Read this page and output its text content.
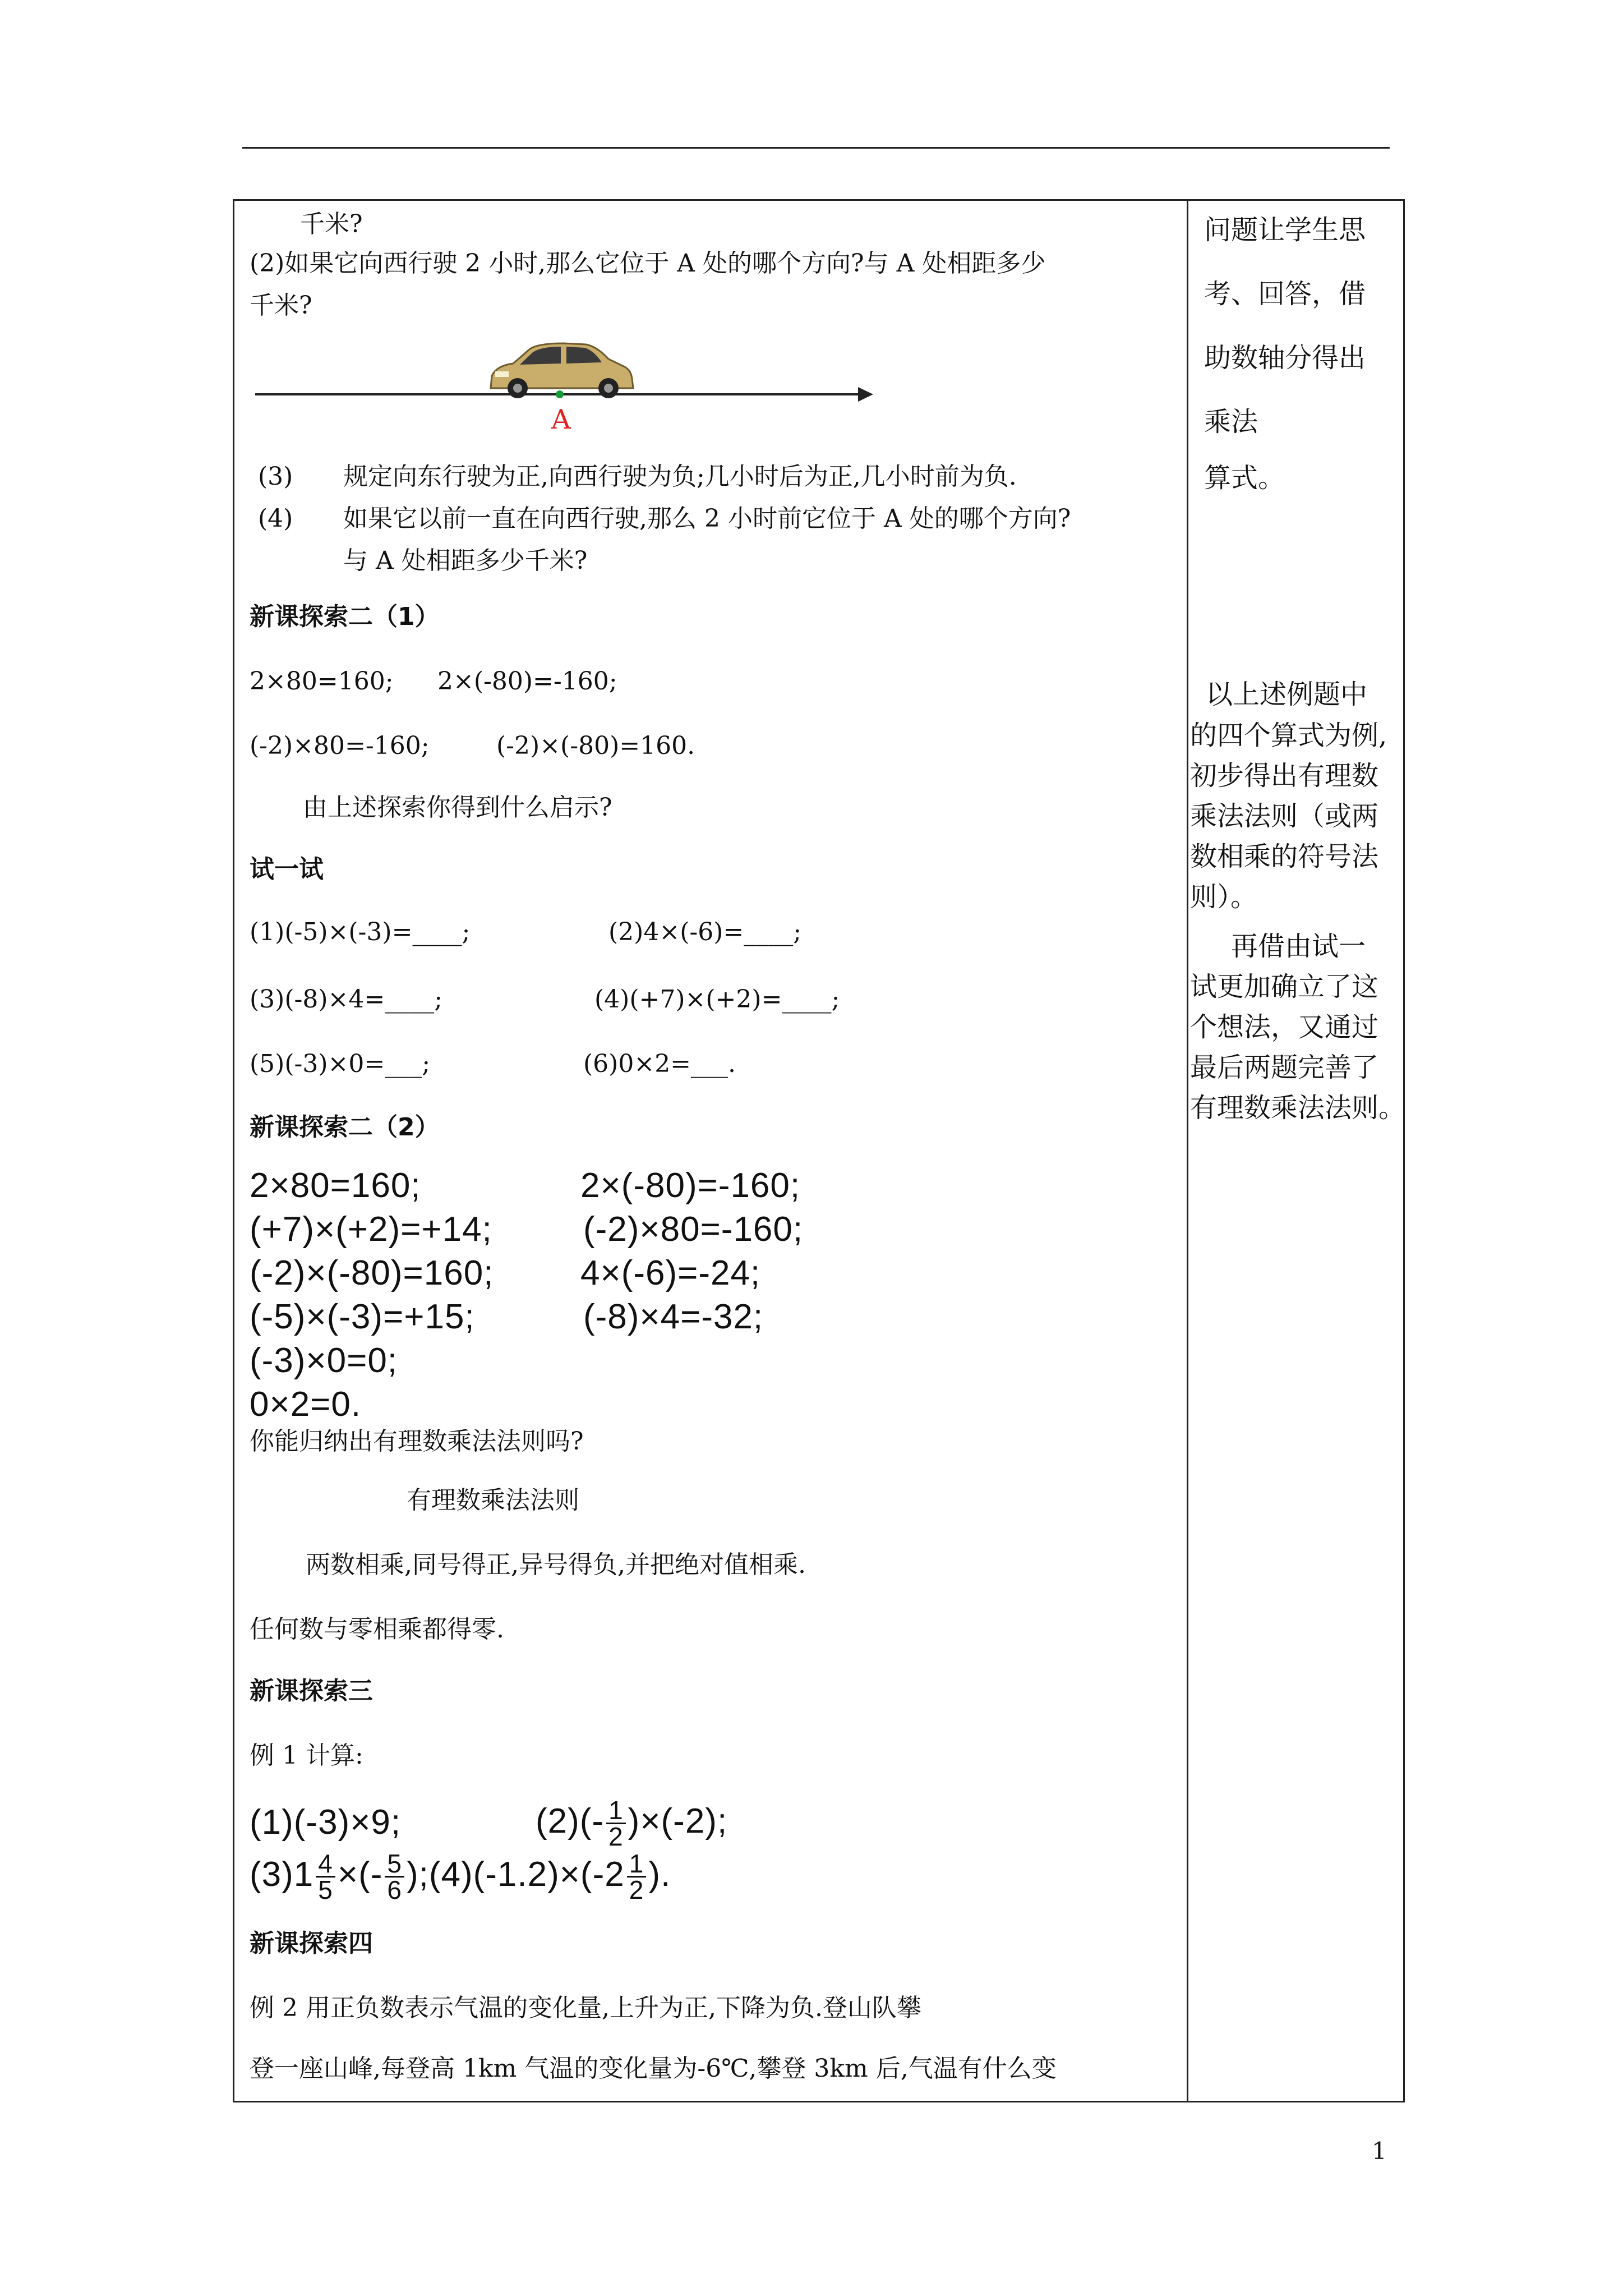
千米?
(2)如果它向西行驶 2 小时,那么它位于 A 处的哪个方向?与 A 处相距多少
千米?
A
(3) 规定向东行驶为正,向西行驶为负;几小时后为正,几小时前为负.
(4) 如果它以前一直在向西行驶,那么 2 小时前它位于 A 处的哪个方向?
与 A 处相距多少千米?
新课探索二（1）
2×80=160; 2×(-80)=-160;
(-2)×80=-160;	(-2)×(-80)=160.
由上述探索你得到什么启示?
试一试
(1)(-5)×(-3)=____;	(2)4×(-6)=____;
(3)(-8)×4=____;	(4)(+7)×(+2)=____;
(5)(-3)×0=___;	(6)0×2=___.
新课探索二（2）
2×80=160;	2×(-80)=-160;
(+7)×(+2)=+14;	(-2)×80=-160;
(-2)×(-80)=160; 4×(-6)=-24;
(-5)×(-3)=+15;	(-8)×4=-32;
(-3)×0=0;
0×2=0.
你能归纳出有理数乘法法则吗?
有理数乘法法则
两数相乘,同号得正,异号得负,并把绝对值相乘.
任何数与零相乘都得零.
新课探索三
例 1 计算:
(1)(-3)×9;	$(2)(- \frac{1}{2} )\times(-2)$;
$(3)1 \frac{4}{5}$ ×(- $\frac{5}{6}$ );(4)(-1.2)×(-2 $\frac{1}{2}$ ).
新课探索四
例 2 用正负数表示气温的变化量,上升为正,下降为负.登山队攀
登一座山峰,每登高 1km 气温的变化量为-6℃,攀登 3km 后,气温有什么变
问题让学生思
考、回答，借
助数轴分得出
乘法
算式。
以上述例题中
的四个算式为例,
初步得出有理数
乘法法则（或两
数相乘的符号法
则）。
再借由试一
试更加确立了这
个想法，又通过
最后两题完善了
有理数乘法法则。
1
